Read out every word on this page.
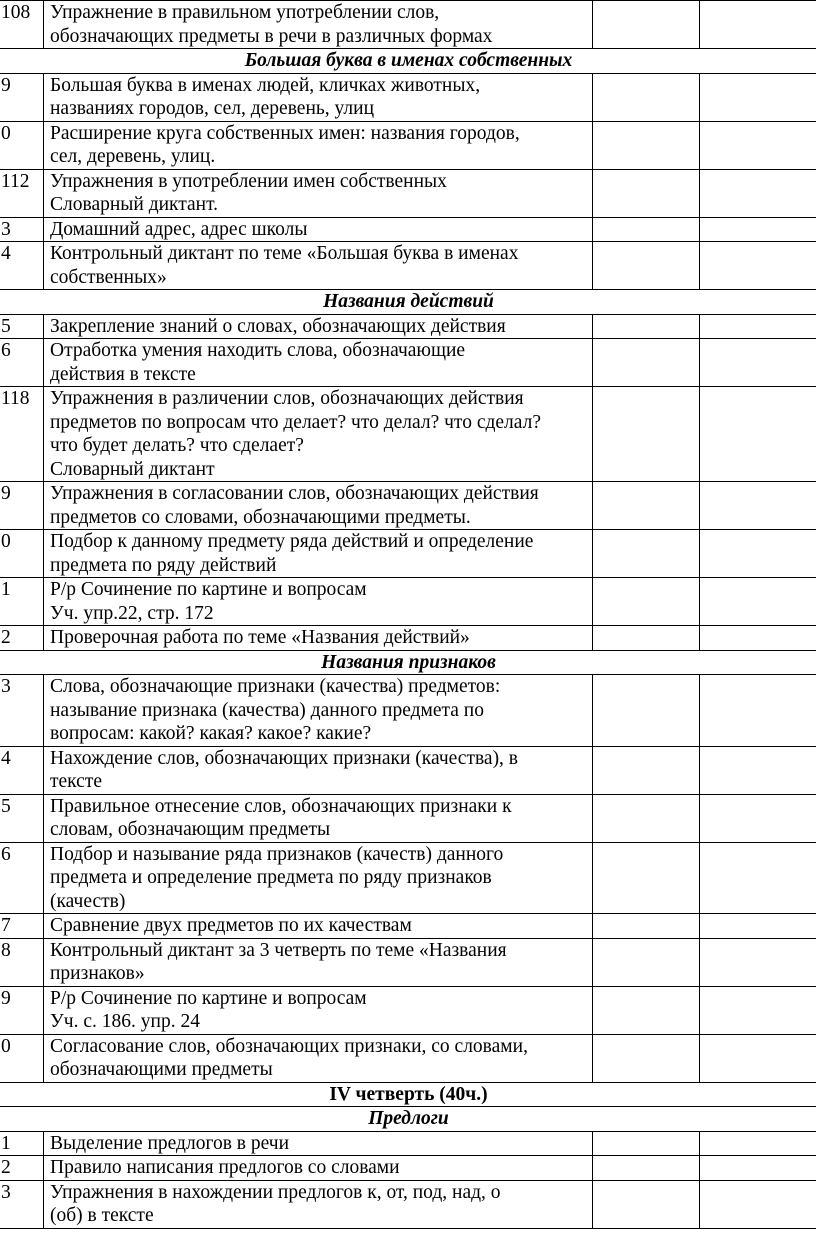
108	Упражнение в правильном употреблении слов,
обозначающих предметы в речи в различных формах		
Большая буква в именах собственных			
9	Большая буква в именах людей, кличках животных,
названиях городов, сел, деревень, улиц		
0	Расширение круга собственных имен: названия городов,
сел, деревень, улиц.		
112	Упражнения в употреблении имен собственных
Словарный диктант.		
3	Домашний адрес, адрес школы		
4	Контрольный диктант по теме «Большая буква в именах
собственных»		
Названия действий			
5	Закрепление знаний о словах, обозначающих действия		
6	Отработка умения находить слова, обозначающие
действия в тексте		
118	Упражнения в различении слов, обозначающих действия
предметов по вопросам что делает? что делал? что сделал?
что будет делать? что сделает?
Словарный диктант		
9	Упражнения в согласовании слов, обозначающих действия
предметов со словами, обозначающими предметы.		
0	Подбор к данному предмету ряда действий и определение
предмета по ряду действий		
1	Р/р Сочинение по картине и вопросам
Уч. упр.22, стр. 172		
2	Проверочная работа по теме «Названия действий»		
Названия признаков			
3	Слова, обозначающие признаки (качества) предметов:
называние признака (качества) данного предмета по
вопросам: какой? какая? какое? какие?		
4	Нахождение слов, обозначающих признаки (качества), в
тексте		
5	Правильное отнесение слов, обозначающих признаки к
словам, обозначающим предметы		
6	Подбор и называние ряда признаков (качеств) данного
предмета и определение предмета по ряду признаков
(качеств)		
7	Сравнение двух предметов по их качествам		
8	Контрольный диктант за 3 четверть по теме «Названия
признаков»		
9	Р/р Сочинение по картине и вопросам
Уч. с. 186. упр. 24		
0	Согласование слов, обозначающих признаки, со словами,
обозначающими предметы		
IV четверть (40ч.)			
Предлоги			
1	Выделение предлогов в речи		
2	Правило написания предлогов со словами		
3	Упражнения в нахождении предлогов к, от, под, над, о
(об) в тексте		
